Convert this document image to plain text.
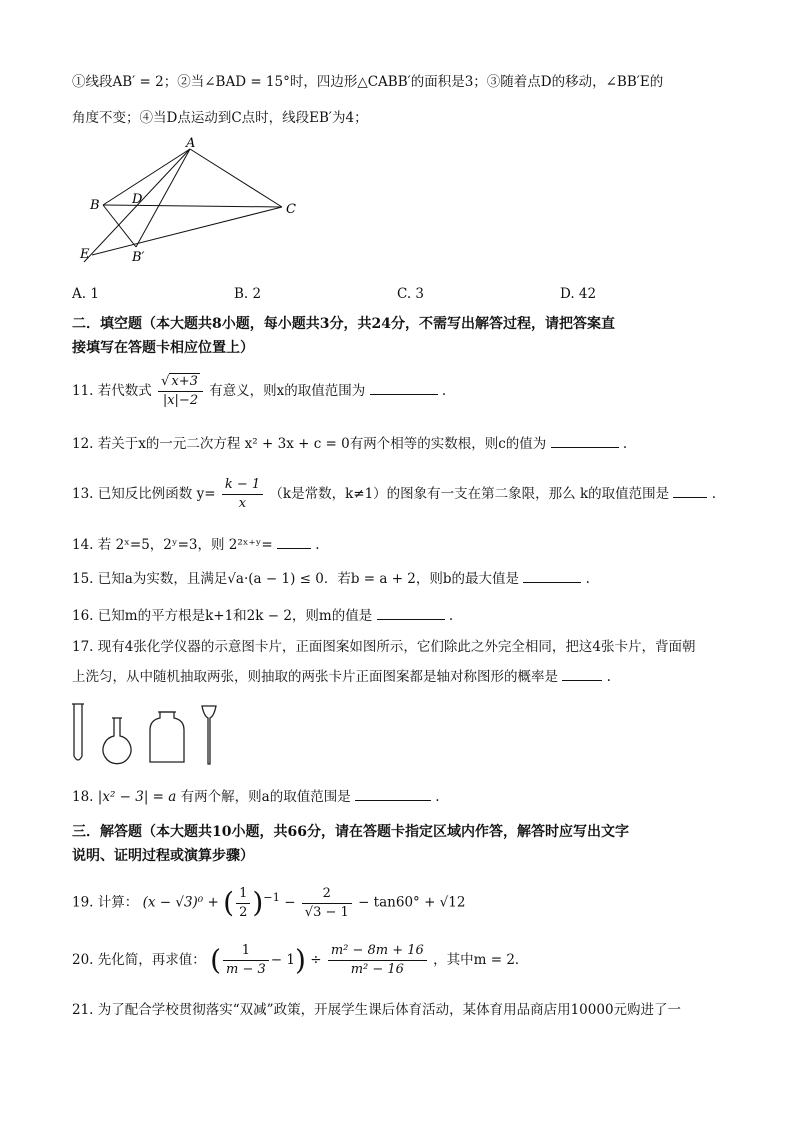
①线段AB′ = 2；②当∠BAD = 15°时，四边形△CABB′的面积是3；③随着点D的移动，∠BB′E的
角度不变；④当D点运动到C点时，线段EB′为4；
A
B	C
D
E	B′
A. 1	B. 2	C. 3	D. 42
二．填空题（本大题共8小题，每小题共3分，共24分，不需写出解答过程，请把答案直
接填写在答题卡相应位置上）
11. 若代数式 $\frac{√ x+3}{|x|-2}$ 有意义，则x的取值范围为	.
12. 若关于x的一元二次方程 x² + 3x + c = 0有两个相等的实数根，则c的值为	.
13. 已知反比例函数 $y= \frac{k - 1}{x} (k$是常数，k≠1）的图象有一支在第二象限，那么 k的取值范围是	.
14. 若 2ˣ=5，2ʸ=3，则 2²ˣ⁺ʸ=	.
15. 已知a为实数，且满足√a·(a − 1) ≤ 0．若b = a + 2，则b的最大值是	.
16. 已知m的平方根是k+1和2k − 2，则m的值是	.
17. 现有4张化学仪器的示意图卡片，正面图案如图所示，它们除此之外完全相同，把这4张卡片，背面朝
上洗匀，从中随机抽取两张，则抽取的两张卡片正面图案都是轴对称图形的概率是	.
18. |x² − 3| = a 有两个解，则a的取值范围是	.
三．解答题（本大题共10小题，共66分，请在答题卡指定区域内作答，解答时应写出文字
说明、证明过程或演算步骤）
19. 计算： (x − √3)⁰ + ( $\frac{1}{2} )^{-1} - \frac{2}{√3 - 1} - \tan 60^\circ + √12$
20. 先化简，再求值： ( $\frac{1}{m - 3} - 1) \div \frac{\text{m² − 8m + 16}}{\text{m² − 16}}$ ，其中m = 2．
21. 为了配合学校贯彻落实“双减”政策，开展学生课后体育活动，某体育用品商店用10000元购进了一
